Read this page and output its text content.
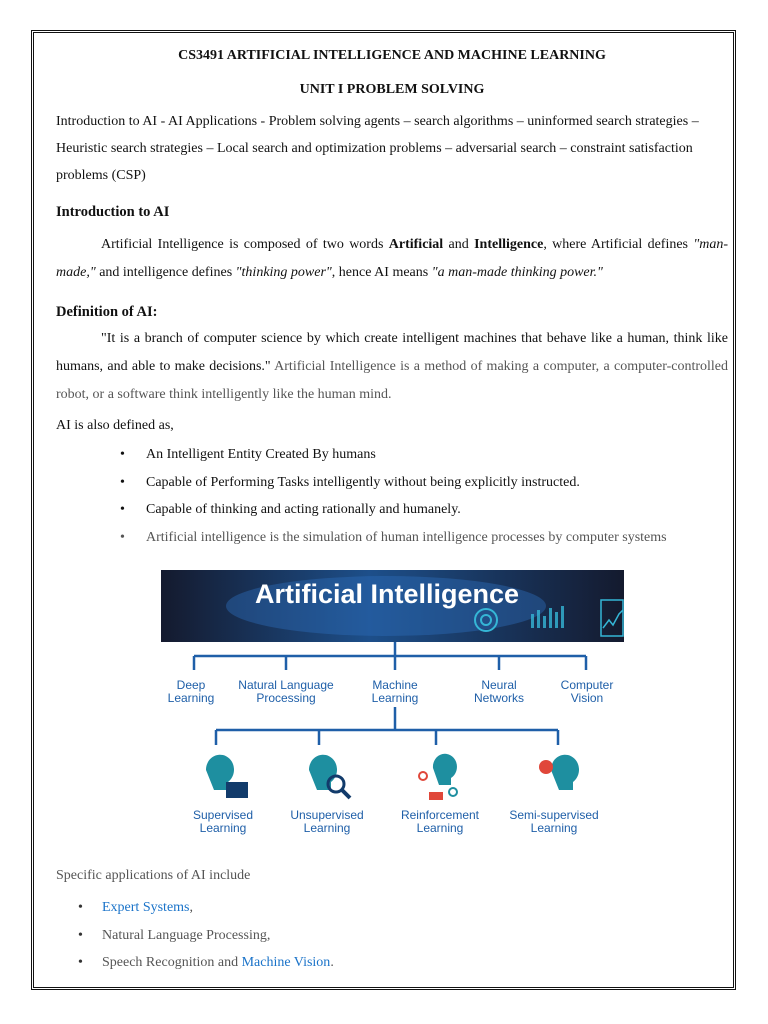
CS3491 ARTIFICIAL INTELLIGENCE AND MACHINE LEARNING
UNIT I PROBLEM SOLVING

Introduction to AI - AI Applications - Problem solving agents – search algorithms – uninformed search strategies – Heuristic search strategies – Local search and optimization problems – adversarial search – constraint satisfaction problems (CSP)

Introduction to AI

Artificial Intelligence is composed of two words Artificial and Intelligence, where Artificial defines "man-made," and intelligence defines "thinking power", hence AI means "a man-made thinking power."

Definition of AI:

"It is a branch of computer science by which create intelligent machines that behave like a human, think like humans, and able to make decisions." Artificial Intelligence is a method of making a computer, a computer-controlled robot, or a software think intelligently like the human mind.

AI is also defined as,

• An Intelligent Entity Created By humans
• Capable of Performing Tasks intelligently without being explicitly instructed.
• Capable of thinking and acting rationally and humanely.
• Artificial intelligence is the simulation of human intelligence processes by computer systems
Artificial Intelligence
Deep
Learning
Natural Language
Processing
Machine
Learning
Neural
Networks
Computer
Vision
Supervised
Learning
Unsupervised
Learning
Reinforcement
Learning
Semi-supervised
Learning
Specific applications of AI include
• Expert Systems,
• Natural Language Processing,
• Speech Recognition and Machine Vision.
